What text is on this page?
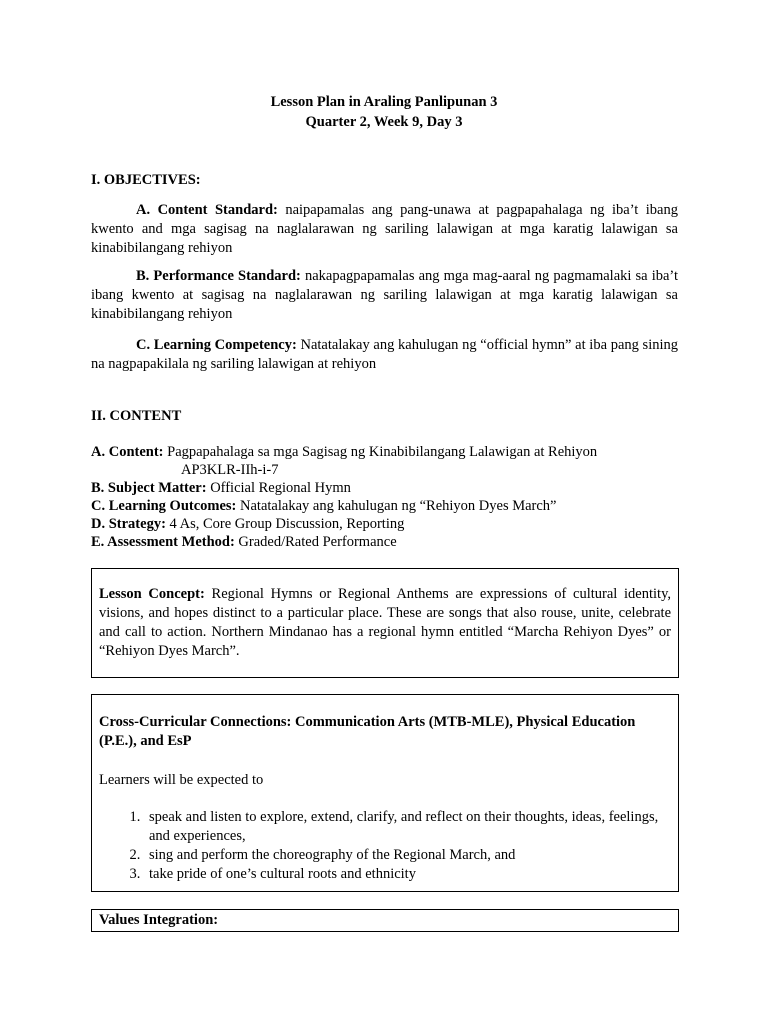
Lesson Plan in Araling Panlipunan 3
Quarter 2, Week 9, Day 3
I. OBJECTIVES:
A. Content Standard: naipapamalas ang pang-unawa at pagpapahalaga ng iba’t ibang kwento and mga sagisag na naglalarawan ng sariling lalawigan at mga karatig lalawigan sa kinabibilangang rehiyon
B. Performance Standard: nakapagpapamalas ang mga mag-aaral ng pagmamalaki sa iba’t ibang kwento at sagisag na naglalarawan ng sariling lalawigan at mga karatig lalawigan sa kinabibilangang rehiyon
C. Learning Competency: Natatalakay ang kahulugan ng “official hymn” at iba pang sining na nagpapakilala ng sariling lalawigan at rehiyon
II. CONTENT
A. Content: Pagpapahalaga sa mga Sagisag ng Kinabibilangang Lalawigan at Rehiyon
AP3KLR-IIh-i-7
B. Subject Matter: Official Regional Hymn
C. Learning Outcomes: Natatalakay ang kahulugan ng “Rehiyon Dyes March”
D. Strategy: 4 As, Core Group Discussion, Reporting
E. Assessment Method: Graded/Rated Performance

Lesson Concept: Regional Hymns or Regional Anthems are expressions of cultural identity, visions, and hopes distinct to a particular place. These are songs that also rouse, unite, celebrate and call to action. Northern Mindanao has a regional hymn entitled “Marcha Rehiyon Dyes” or “Rehiyon Dyes March”.

Cross-Curricular Connections: Communication Arts (MTB-MLE), Physical Education (P.E.), and EsP

Learners will be expected to

1. speak and listen to explore, extend, clarify, and reflect on their thoughts, ideas, feelings, and experiences,
2. sing and perform the choreography of the Regional March, and
3. take pride of one’s cultural roots and ethnicity

Values Integration:
